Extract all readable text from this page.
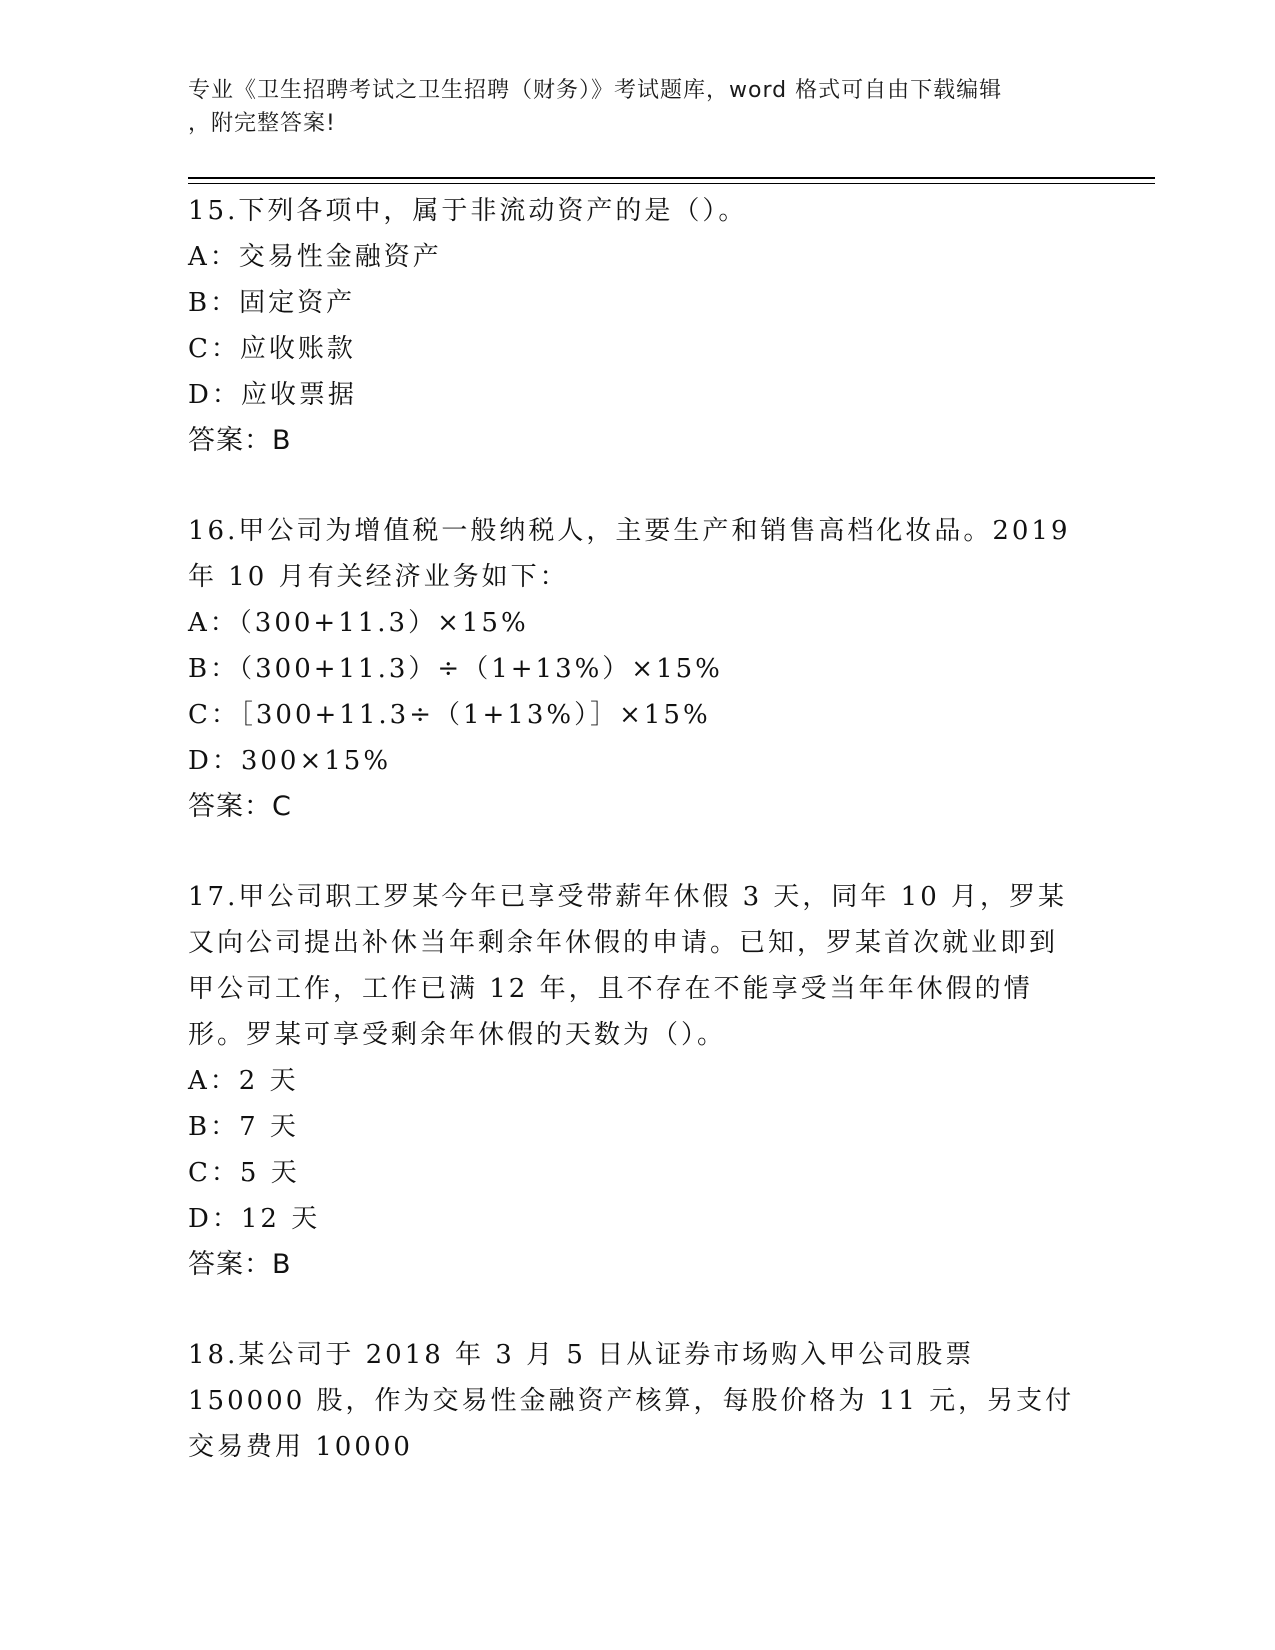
专业《卫生招聘考试之卫生招聘（财务）》考试题库，word 格式可自由下载编辑
，附完整答案!
15.下列各项中，属于非流动资产的是（）。
A：交易性金融资产
B：固定资产
C：应收账款
D：应收票据
答案：B
16.甲公司为增值税一般纳税人，主要生产和销售高档化妆品。2019 年 10 月有关经济业务如下：
A：（300+11.3）×15%
B：（300+11.3）÷（1+13%）×15%
C：［300+11.3÷（1+13%）］×15%
D：300×15%
答案：C
17.甲公司职工罗某今年已享受带薪年休假 3 天，同年 10 月，罗某又向公司提出补休当年剩余年休假的申请。已知，罗某首次就业即到甲公司工作，工作已满 12 年，且不存在不能享受当年年休假的情形。罗某可享受剩余年休假的天数为（）。
A：2 天
B：7 天
C：5 天
D：12 天
答案：B
18.某公司于 2018 年 3 月 5 日从证券市场购入甲公司股票 150000 股，作为交易性金融资产核算，每股价格为 11 元，另支付交易费用 10000
